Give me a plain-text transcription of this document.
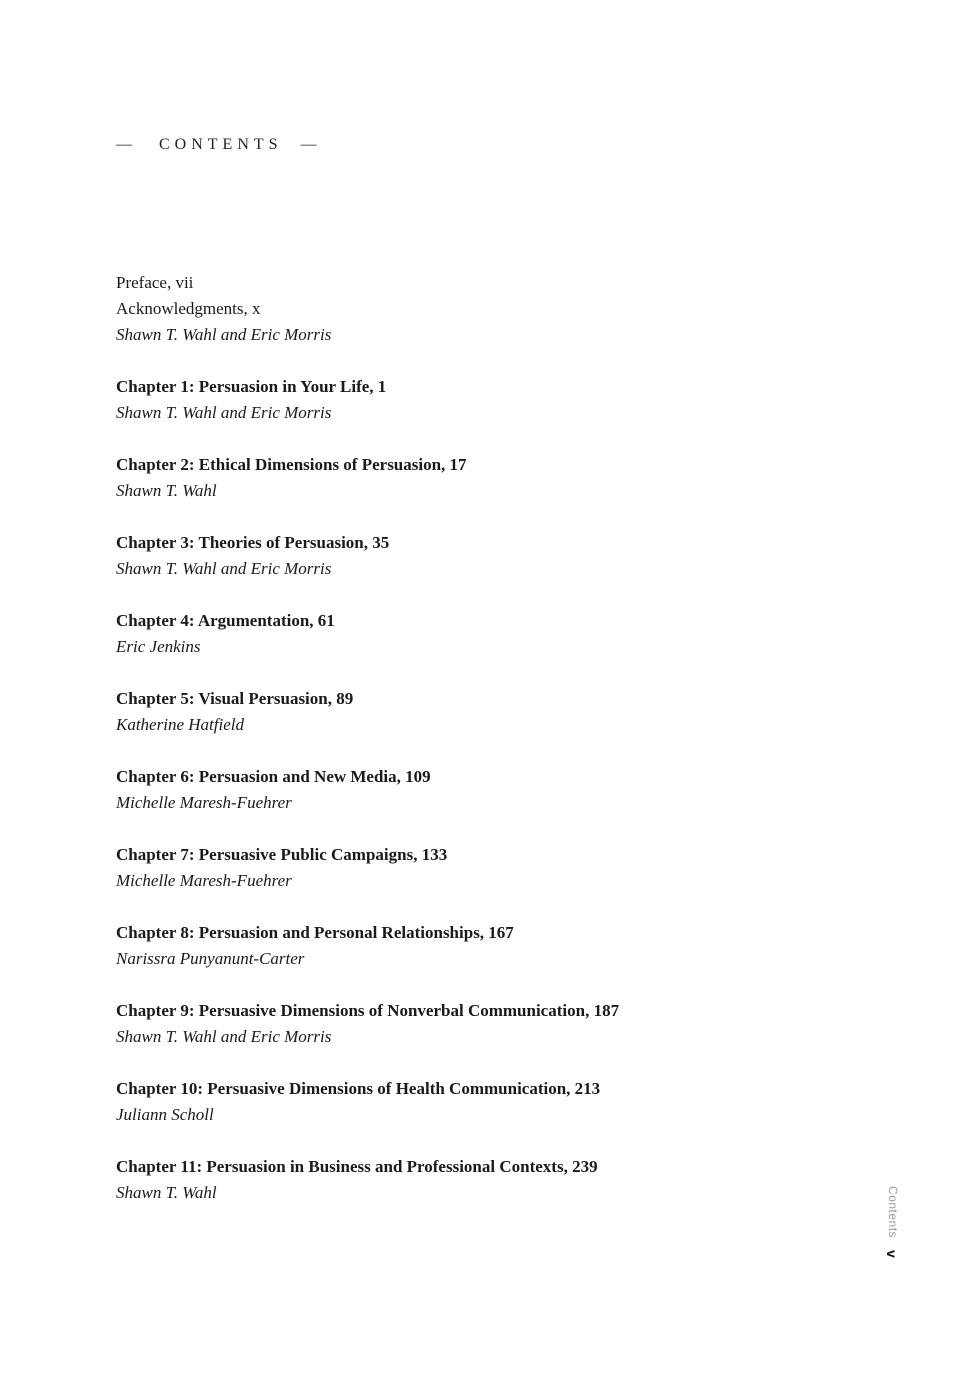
— CONTENTS —
Preface, vii
Acknowledgments, x
Shawn T. Wahl and Eric Morris
Chapter 1: Persuasion in Your Life, 1
Shawn T. Wahl and Eric Morris
Chapter 2: Ethical Dimensions of Persuasion, 17
Shawn T. Wahl
Chapter 3: Theories of Persuasion, 35
Shawn T. Wahl and Eric Morris
Chapter 4: Argumentation, 61
Eric Jenkins
Chapter 5: Visual Persuasion, 89
Katherine Hatfield
Chapter 6: Persuasion and New Media, 109
Michelle Maresh-Fuehrer
Chapter 7: Persuasive Public Campaigns, 133
Michelle Maresh-Fuehrer
Chapter 8: Persuasion and Personal Relationships, 167
Narissra Punyanunt-Carter
Chapter 9: Persuasive Dimensions of Nonverbal Communication, 187
Shawn T. Wahl and Eric Morris
Chapter 10: Persuasive Dimensions of Health Communication, 213
Juliann Scholl
Chapter 11: Persuasion in Business and Professional Contexts, 239
Shawn T. Wahl	Contents
v
